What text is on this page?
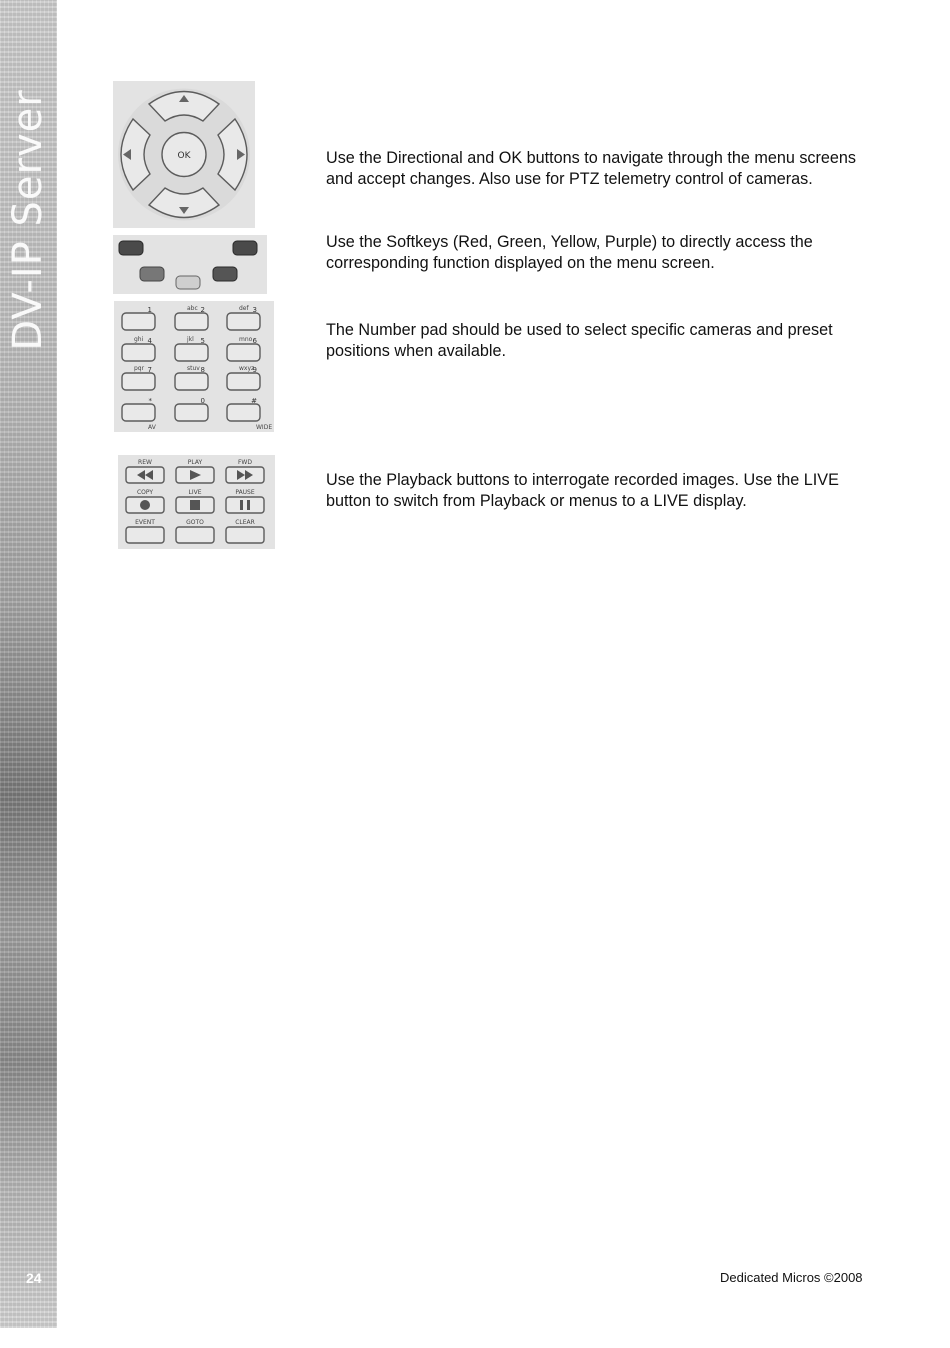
DV-IP Server
24
OK
1	2
abc	3
def
4
ghi	5
jkl	6
mno
7
pqr	8
stuv	9
wxyz
*	0	#
AV	WIDE
REW	PLAY	FWD
COPY	LIVE	PAUSE
EVENT	GOTO	CLEAR

Use the Directional and OK buttons to navigate through the menu screens and accept changes. Also use for PTZ telemetry control of cameras.

Use the Softkeys (Red, Green, Yellow, Purple) to directly access the corresponding function displayed on the menu screen.

The Number pad should be used to select specific cameras and preset positions when available.

Use the Playback buttons to interrogate recorded images. Use the LIVE button to switch from Playback or menus to a LIVE display.

Dedicated Micros ©2008
